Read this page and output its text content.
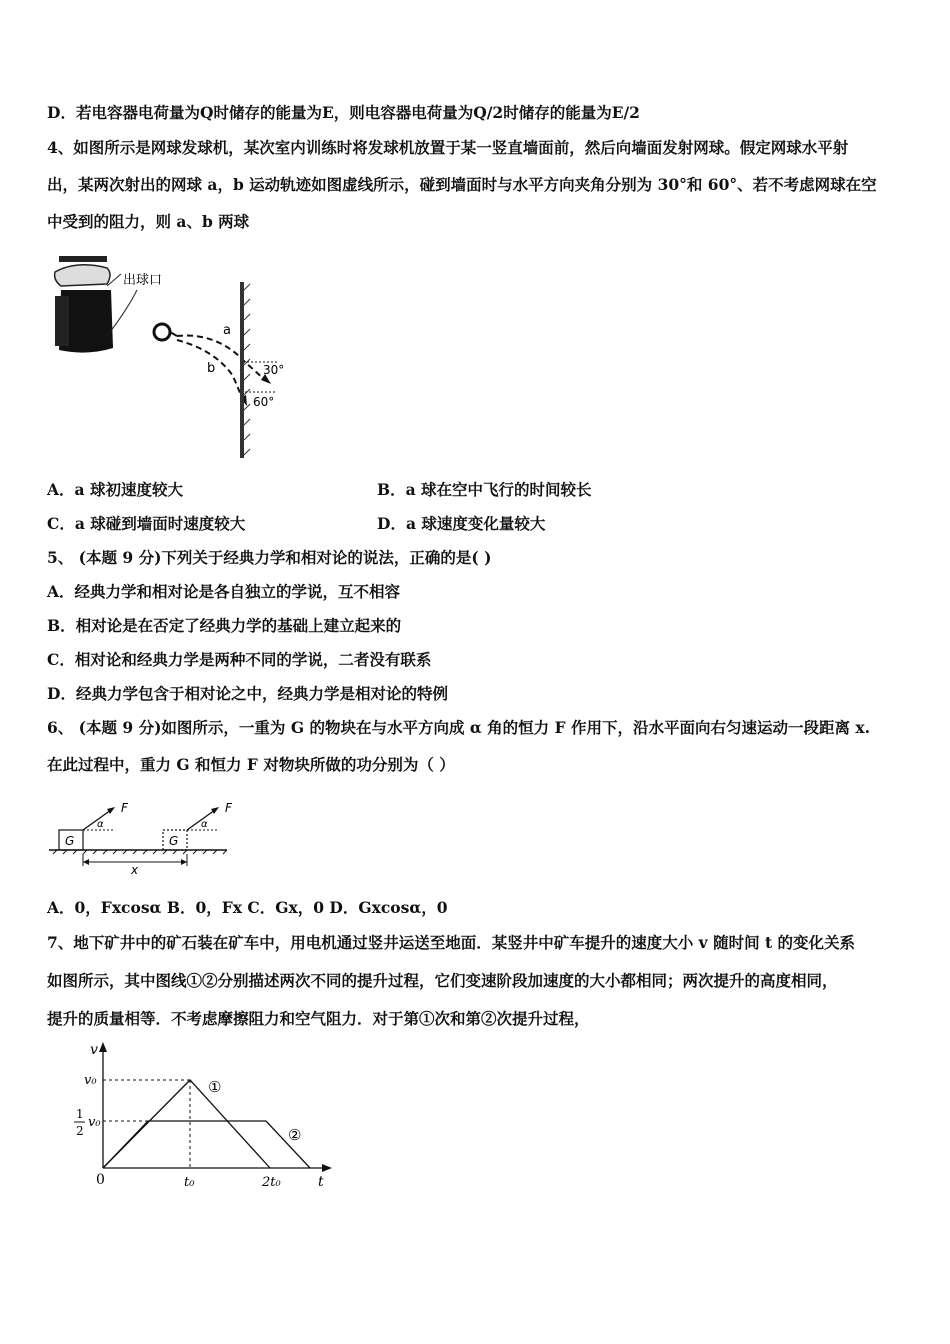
D．若电容器电荷量为Q时储存的能量为E，则电容器电荷量为Q/2时储存的能量为E/2
4、如图所示是网球发球机，某次室内训练时将发球机放置于某一竖直墙面前，然后向墙面发射网球。假定网球水平射
出，某两次射出的网球 a，b 运动轨迹如图虚线所示，碰到墙面时与水平方向夹角分别为 30°和 60°、若不考虑网球在空
中受到的阻力，则 a、b 两球
出球口
a
b	30°
60°
A．a 球初速度较大	B．a 球在空中飞行的时间较长
C．a 球碰到墙面时速度较大	D．a 球速度变化量较大
5、 (本题 9 分)下列关于经典力学和相对论的说法，正确的是( )
A．经典力学和相对论是各自独立的学说，互不相容
B．相对论是在否定了经典力学的基础上建立起来的
C．相对论和经典力学是两种不同的学说，二者没有联系
D．经典力学包含于相对论之中，经典力学是相对论的特例
6、 (本题 9 分)如图所示，一重为 G 的物块在与水平方向成 α 角的恒力 F 作用下，沿水平面向右匀速运动一段距离 x.
在此过程中，重力 G 和恒力 F 对物块所做的功分别为（ ）
G
F
α
G
F
α
x
A．0，Fxcosα B．0，Fx C．Gx，0 D．Gxcosα，0
7、地下矿井中的矿石装在矿车中，用电机通过竖井运送至地面．某竖井中矿车提升的速度大小 v 随时间 t 的变化关系
如图所示，其中图线①②分别描述两次不同的提升过程，它们变速阶段加速度的大小都相同；两次提升的高度相同，
提升的质量相等．不考虑摩擦阻力和空气阻力．对于第①次和第②次提升过程，
v
t
0
v₀
1
2
v₀
t₀	2t₀
①
②
